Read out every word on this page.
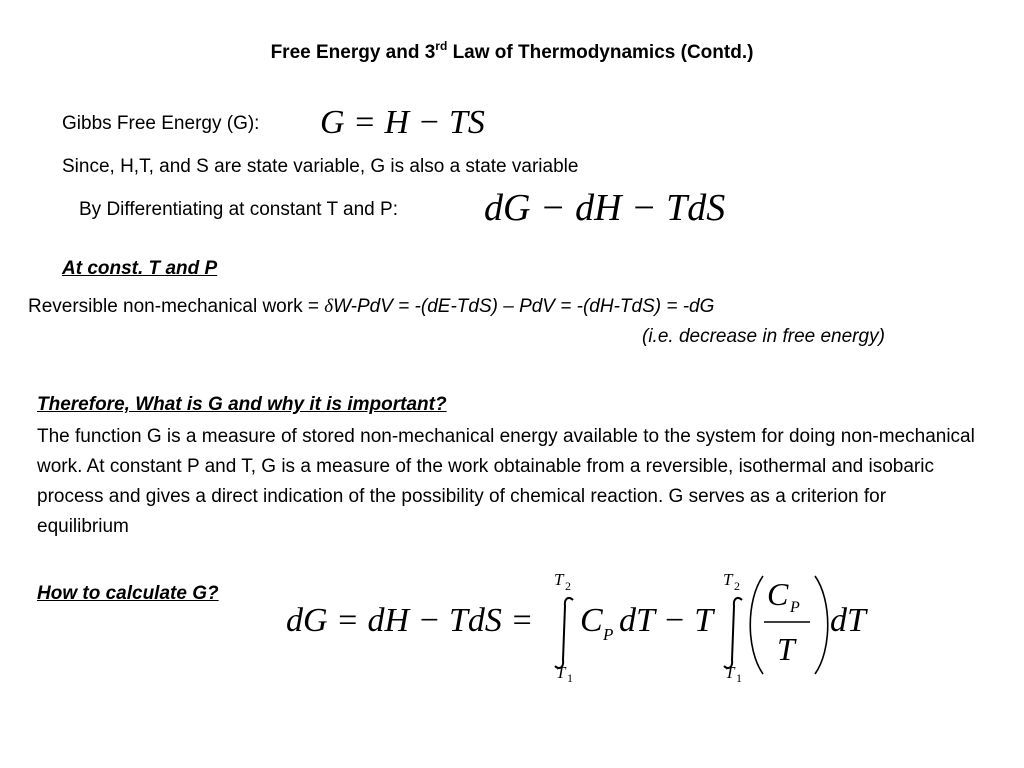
Free Energy and 3rd Law of Thermodynamics (Contd.)
Gibbs Free Energy (G): G = H − TS
Since, H,T, and S are state variable, G is also a state variable
By Differentiating at constant T and P: dG − dH − TdS
At const. T and P
Reversible non-mechanical work = δW-PdV = -(dE-TdS) – PdV = -(dH-TdS) = -dG
(i.e. decrease in free energy)
Therefore, What is G and why it is important?
The function G is a measure of stored non-mechanical energy available to the system for doing non-mechanical work. At constant P and T, G is a measure of the work obtainable from a reversible, isothermal and isobaric process and gives a direct indication of the possibility of chemical reaction. G serves as a criterion for equilibrium
How to calculate G?
dG = dH − TdS =
T 2
T 1
C P dT − T
T 2
T 1
C P
T
dT
